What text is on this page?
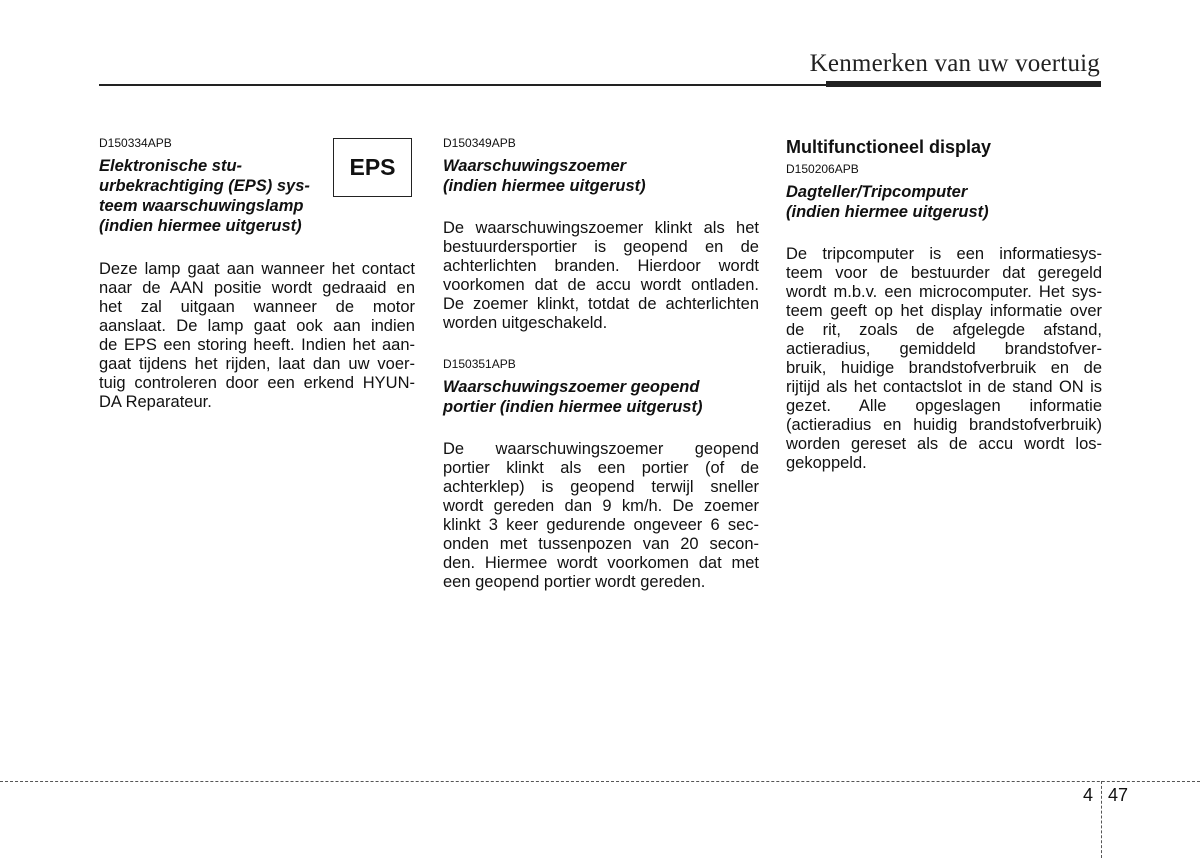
Kenmerken van uw voertuig
D150334APB
Elektronische stu-
urbekrachtiging (EPS) sys-
teem waarschuwingslamp
(indien hiermee uitgerust)
Deze lamp gaat aan wanneer het contact
naar de AAN positie wordt gedraaid en
het zal uitgaan wanneer de motor
aanslaat. De lamp gaat ook aan indien
de EPS een storing heeft. Indien het aan-
gaat tijdens het rijden, laat dan uw voer-
tuig controleren door een erkend HYUN-
DA Reparateur.
EPS
D150349APB
Waarschuwingszoemer
(indien hiermee uitgerust)
De waarschuwingszoemer klinkt als het
bestuurdersportier is geopend en de
achterlichten branden. Hierdoor wordt
voorkomen dat de accu wordt ontladen.
De zoemer klinkt, totdat de achterlichten
worden uitgeschakeld.
D150351APB
Waarschuwingszoemer geopend
portier (indien hiermee uitgerust)
De waarschuwingszoemer geopend
portier klinkt als een portier (of de
achterklep) is geopend terwijl sneller
wordt gereden dan 9 km/h. De zoemer
klinkt 3 keer gedurende ongeveer 6 sec-
onden met tussenpozen van 20 secon-
den. Hiermee wordt voorkomen dat met
een geopend portier wordt gereden.
Multifunctioneel display
D150206APB
Dagteller/Tripcomputer
(indien hiermee uitgerust)
De tripcomputer is een informatiesys-
teem voor de bestuurder dat geregeld
wordt m.b.v. een microcomputer. Het sys-
teem geeft op het display informatie over
de rit, zoals de afgelegde afstand,
actieradius, gemiddeld brandstofver-
bruik, huidige brandstofverbruik en de
rijtijd als het contactslot in de stand ON is
gezet. Alle opgeslagen informatie
(actieradius en huidig brandstofverbruik)
worden gereset als de accu wordt los-
gekoppeld.
4 47
